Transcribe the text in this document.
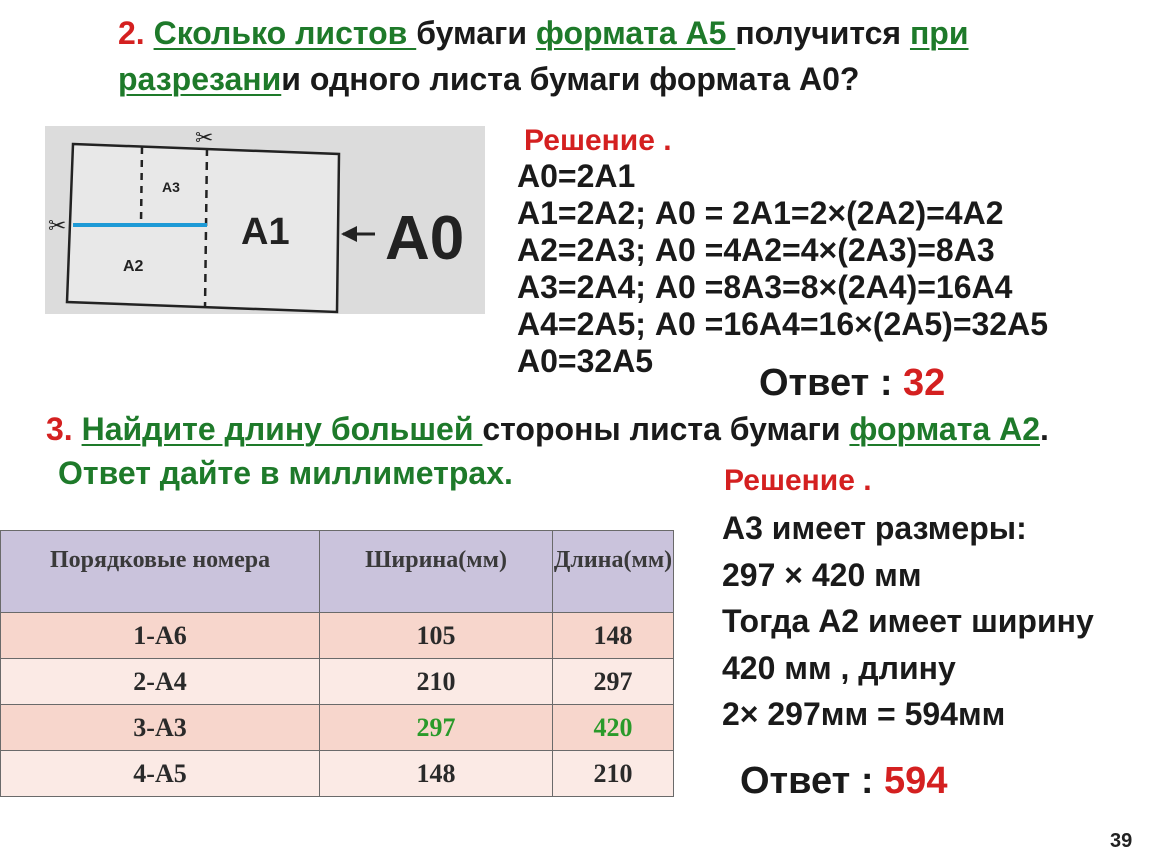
2. Сколько листов бумаги формата А5 получится при
разрезании одного листа бумаги формата А0?
А3
А2
А1 А0
✂
✂
Решение .
А0=2А1
А1=2А2; А0 = 2А1=2×(2А2)=4А2
А2=2А3; А0 =4А2=4×(2А3)=8А3
А3=2А4; А0 =8А3=8×(2А4)=16А4
А4=2А5; А0 =16А4=16×(2А5)=32А5
А0=32А5
Ответ : 32
3. Найдите длину большей стороны листа бумаги формата А2.
Ответ дайте в миллиметрах.
Порядковые номера	Ширина(мм)	Длина(мм)
1-А6	105	148
2-А4	210	297
3-А3	297	420
4-А5	148	210
Решение .
А3 имеет размеры:
297 × 420 мм
Тогда А2 имеет ширину
420 мм , длину
2× 297мм = 594мм
Ответ : 594
39
